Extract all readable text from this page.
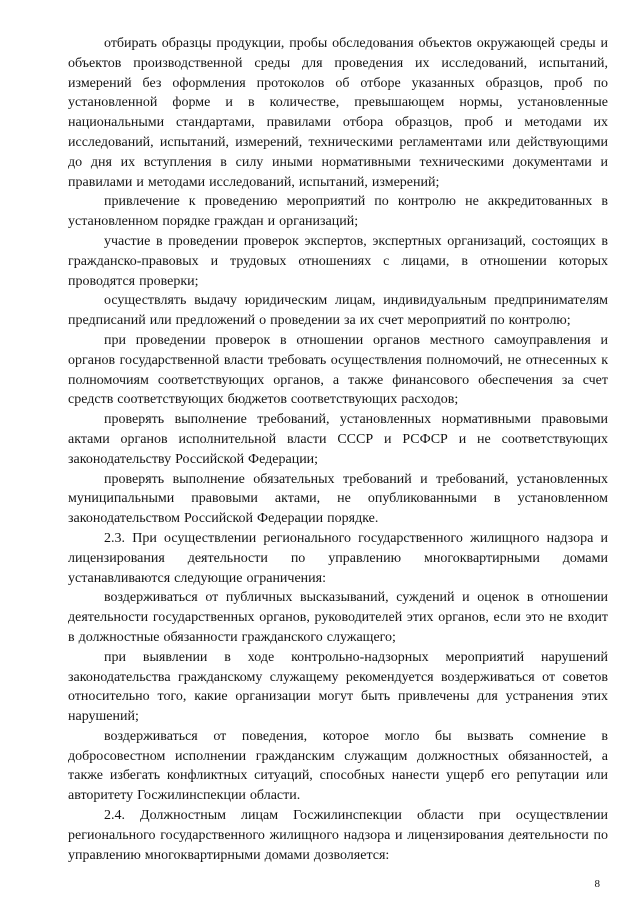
отбирать образцы продукции, пробы обследования объектов окружающей среды и объектов производственной среды для проведения их исследований, испытаний, измерений без оформления протоколов об отборе указанных образцов, проб по установленной форме и в количестве, превышающем нормы, установленные национальными стандартами, правилами отбора образцов, проб и методами их исследований, испытаний, измерений, техническими регламентами или действующими до дня их вступления в силу иными нормативными техническими документами и правилами и методами исследований, испытаний, измерений;

привлечение к проведению мероприятий по контролю не аккредитованных в установленном порядке граждан и организаций;

участие в проведении проверок экспертов, экспертных организаций, состоящих в гражданско-правовых и трудовых отношениях с лицами, в отношении которых проводятся проверки;

осуществлять выдачу юридическим лицам, индивидуальным предпринимателям предписаний или предложений о проведении за их счет мероприятий по контролю;

при проведении проверок в отношении органов местного самоуправления и органов государственной власти требовать осуществления полномочий, не отнесенных к полномочиям соответствующих органов, а также финансового обеспечения за счет средств соответствующих бюджетов соответствующих расходов;

проверять выполнение требований, установленных нормативными правовыми актами органов исполнительной власти СССР и РСФСР и не соответствующих законодательству Российской Федерации;

проверять выполнение обязательных требований и требований, установленных муниципальными правовыми актами, не опубликованными в установленном законодательством Российской Федерации порядке.

2.3. При осуществлении регионального государственного жилищного надзора и лицензирования деятельности по управлению многоквартирными домами устанавливаются следующие ограничения:

воздерживаться от публичных высказываний, суждений и оценок в отношении деятельности государственных органов, руководителей этих органов, если это не входит в должностные обязанности гражданского служащего;

при выявлении в ходе контрольно-надзорных мероприятий нарушений законодательства гражданскому служащему рекомендуется воздерживаться от советов относительно того, какие организации могут быть привлечены для устранения этих нарушений;

воздерживаться от поведения, которое могло бы вызвать сомнение в добросовестном исполнении гражданским служащим должностных обязанностей, а также избегать конфликтных ситуаций, способных нанести ущерб его репутации или авторитету Госжилинспекции области.

2.4. Должностным лицам Госжилинспекции области при осуществлении регионального государственного жилищного надзора и лицензирования деятельности по управлению многоквартирными домами дозволяется:

8
